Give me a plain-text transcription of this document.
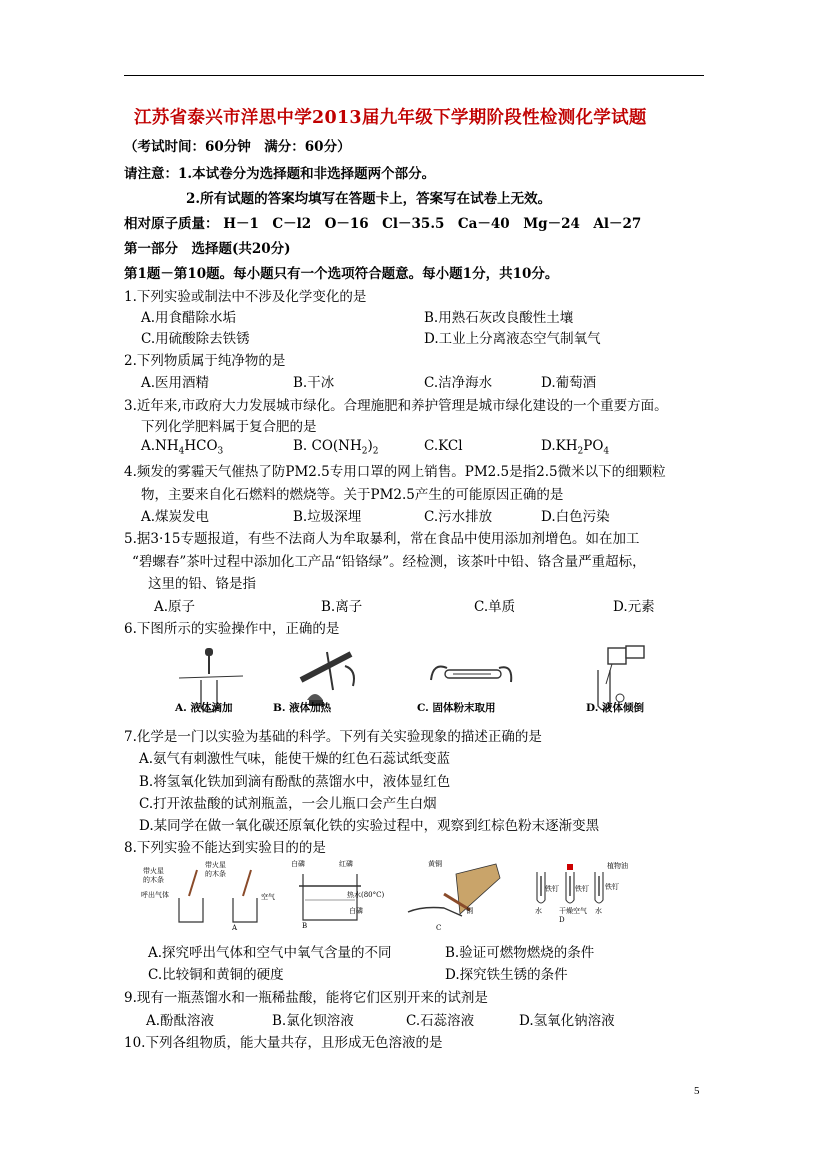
江苏省泰兴市洋思中学2013届九年级下学期阶段性检测化学试题
（考试时间：60分钟　满分：60分）
请注意：1.本试卷分为选择题和非选择题两个部分。
2.所有试题的答案均填写在答题卡上，答案写在试卷上无效。
相对原子质量： H－1　C－l2　O－16　Cl－35.5　Ca－40　Mg－24　Al－27
第一部分　选择题(共20分)
第1题－第10题。每小题只有一个选项符合题意。每小题1分，共10分。
1.下列实验或制法中不涉及化学变化的是
A.用食醋除水垢	B.用熟石灰改良酸性土壤
C.用硫酸除去铁锈	D.工业上分离液态空气制氧气
2.下列物质属于纯净物的是
A.医用酒精	B.干冰	C.洁净海水	D.葡萄酒
3.近年来,市政府大力发展城市绿化。合理施肥和养护管理是城市绿化建设的一个重要方面。
下列化学肥料属于复合肥的是
$A.NH_4HCO_3$	B. $CO(NH_2)_2$	C.KCl	$D.KH_2PO_4$
4.频发的雾霾天气催热了防PM2.5专用口罩的网上销售。PM2.5是指2.5微米以下的细颗粒
物，主要来自化石燃料的燃烧等。关于PM2.5产生的可能原因正确的是
A.煤炭发电	B.垃圾深埋	C.污水排放	D.白色污染
5.据3·15专题报道，有些不法商人为牟取暴利，常在食品中使用添加剂增色。如在加工
“碧螺春”茶叶过程中添加化工产品“铅铬绿”。经检测，该茶叶中铅、铬含量严重超标，
这里的铅、铬是指
A.原子	B.离子	C.单质	D.元素
6.下图所示的实验操作中，正确的是
A. 液体滴加	B. 液体加热	C. 固体粉末取用	D. 液体倾倒
7.化学是一门以实验为基础的科学。下列有关实验现象的描述正确的是
A.氨气有刺激性气味，能使干燥的红色石蕊试纸变蓝
B.将氢氧化铁加到滴有酚酞的蒸馏水中，液体显红色
C.打开浓盐酸的试剂瓶盖，一会儿瓶口会产生白烟
D.某同学在做一氧化碳还原氧化铁的实验过程中，观察到红棕色粉末逐渐变黑
8.下列实验不能达到实验目的的是
带火星
的木条
带火星
的木条
呼出气体	空气
A
白磷	红磷
热水(80°C)
白磷
B
黄铜
铜
C
植物油
铁钉 铁钉 铁钉
水 干燥空气 水
D
A.探究呼出气体和空气中氧气含量的不同	B.验证可燃物燃烧的条件
C.比较铜和黄铜的硬度	D.探究铁生锈的条件
9.现有一瓶蒸馏水和一瓶稀盐酸，能将它们区别开来的试剂是
A.酚酞溶液	B.氯化钡溶液	C.石蕊溶液	D.氢氧化钠溶液
10.下列各组物质，能大量共存，且形成无色溶液的是
5
